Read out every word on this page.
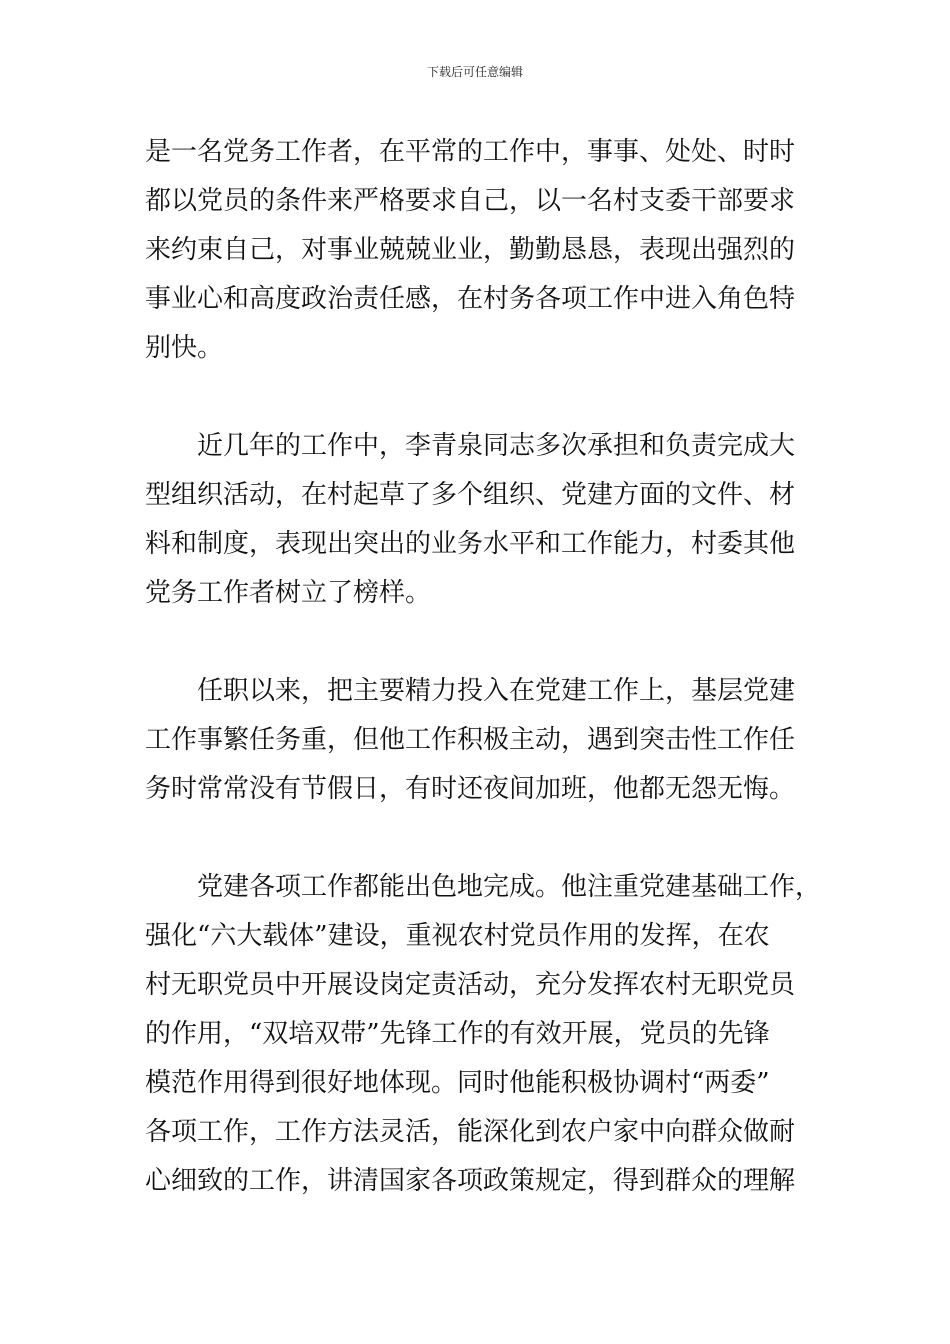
下载后可任意编辑
是一名党务工作者，在平常的工作中，事事、处处、时时
都以党员的条件来严格要求自己，以一名村支委干部要求
来约束自己，对事业兢兢业业，勤勤恳恳，表现出强烈的
事业心和高度政治责任感，在村务各项工作中进入角色特
别快。
近几年的工作中，李青泉同志多次承担和负责完成大
型组织活动，在村起草了多个组织、党建方面的文件、材
料和制度，表现出突出的业务水平和工作能力，村委其他
党务工作者树立了榜样。
任职以来，把主要精力投入在党建工作上，基层党建
工作事繁任务重，但他工作积极主动，遇到突击性工作任
务时常常没有节假日，有时还夜间加班，他都无怨无悔。
党建各项工作都能出色地完成。他注重党建基础工作，
强化“六大载体”建设，重视农村党员作用的发挥，在农
村无职党员中开展设岗定责活动，充分发挥农村无职党员
的作用，“双培双带”先锋工作的有效开展，党员的先锋
模范作用得到很好地体现。同时他能积极协调村“两委”
各项工作，工作方法灵活，能深化到农户家中向群众做耐
心细致的工作，讲清国家各项政策规定，得到群众的理解
